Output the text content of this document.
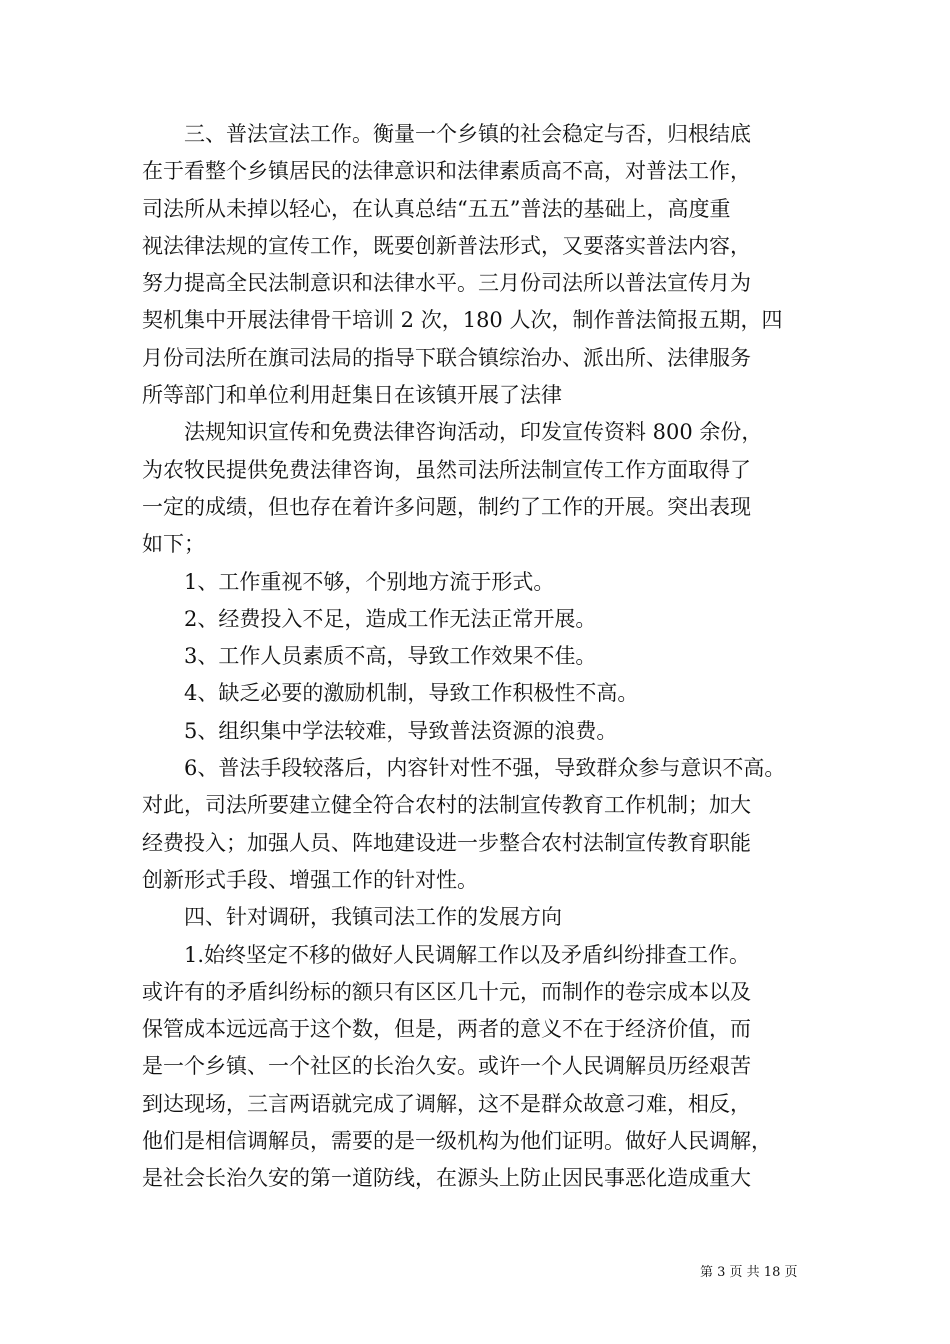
三、普法宣法工作。衡量一个乡镇的社会稳定与否，归根结底
在于看整个乡镇居民的法律意识和法律素质高不高，对普法工作，
司法所从未掉以轻心，在认真总结“五五”普法的基础上，高度重
视法律法规的宣传工作，既要创新普法形式，又要落实普法内容，
努力提高全民法制意识和法律水平。三月份司法所以普法宣传月为
契机集中开展法律骨干培训 2 次，180 人次，制作普法简报五期，四
月份司法所在旗司法局的指导下联合镇综治办、派出所、法律服务
所等部门和单位利用赶集日在该镇开展了法律
法规知识宣传和免费法律咨询活动，印发宣传资料 800 余份，
为农牧民提供免费法律咨询，虽然司法所法制宣传工作方面取得了
一定的成绩，但也存在着许多问题，制约了工作的开展。突出表现
如下；
1、工作重视不够，个别地方流于形式。
2、经费投入不足，造成工作无法正常开展。
3、工作人员素质不高，导致工作效果不佳。
4、缺乏必要的激励机制，导致工作积极性不高。
5、组织集中学法较难，导致普法资源的浪费。
6、普法手段较落后，内容针对性不强，导致群众参与意识不高。
对此，司法所要建立健全符合农村的法制宣传教育工作机制；加大
经费投入；加强人员、阵地建设进一步整合农村法制宣传教育职能
创新形式手段、增强工作的针对性。
四、针对调研，我镇司法工作的发展方向
1.始终坚定不移的做好人民调解工作以及矛盾纠纷排查工作。
或许有的矛盾纠纷标的额只有区区几十元，而制作的卷宗成本以及
保管成本远远高于这个数，但是，两者的意义不在于经济价值，而
是一个乡镇、一个社区的长治久安。或许一个人民调解员历经艰苦
到达现场，三言两语就完成了调解，这不是群众故意刁难，相反，
他们是相信调解员，需要的是一级机构为他们证明。做好人民调解，
是社会长治久安的第一道防线，在源头上防止因民事恶化造成重大
第 3 页 共 18 页
